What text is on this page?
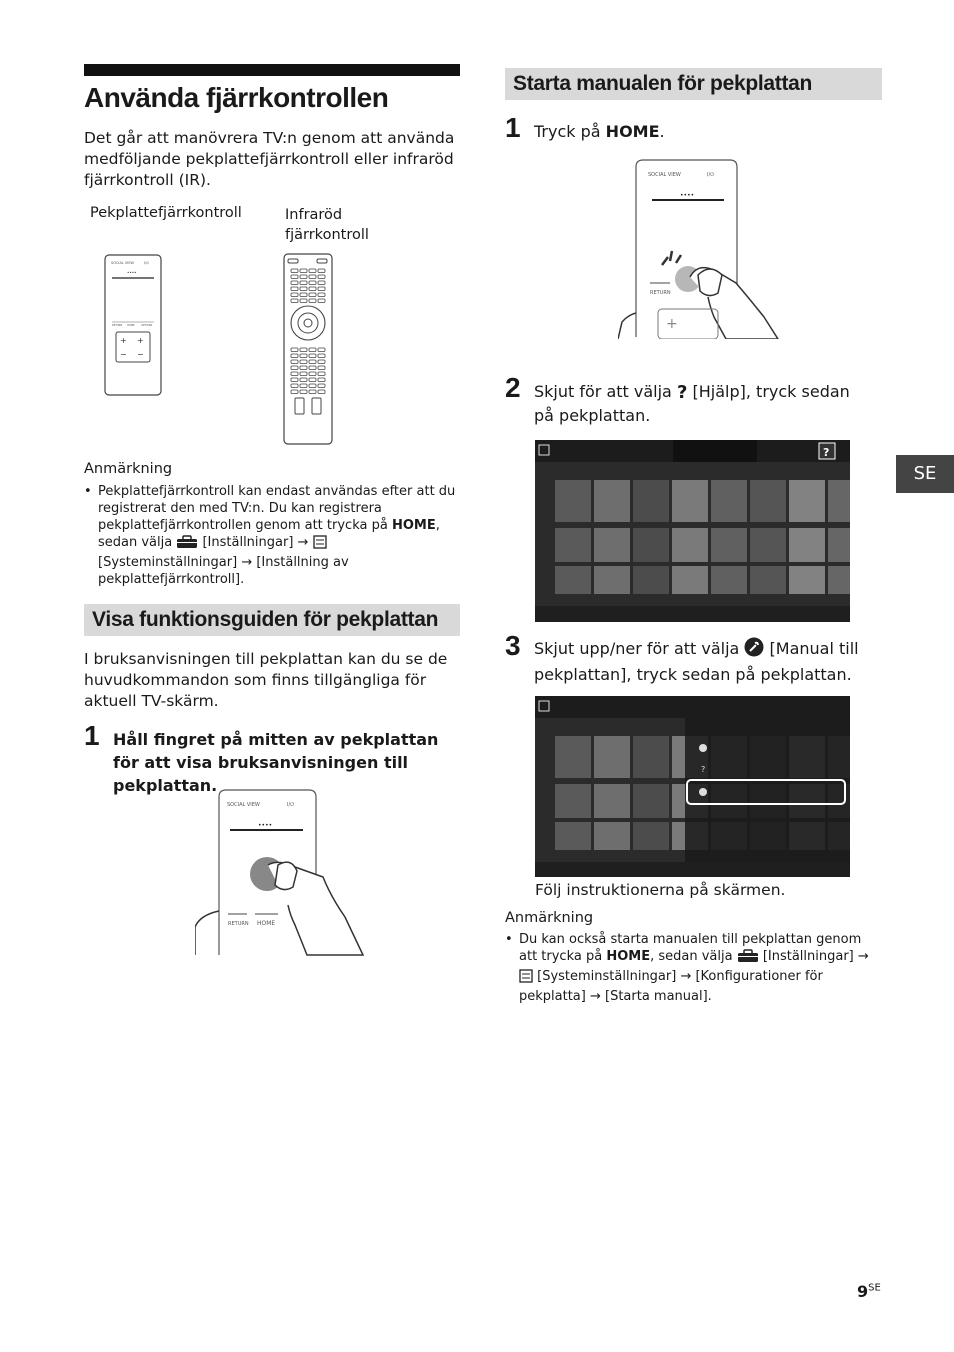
Använda fjärrkontrollen
Det går att manövrera TV:n genom att använda medföljande pekplattefjärrkontroll eller infraröd fjärrkontroll (IR).
Pekplattefjärrkontroll	Infraröd fjärrkontroll
SOCIAL VIEW	I/⏻
••••
RETURN HOME	OPTIONS
+ +
− −
Anmärkning
• Pekplattefjärrkontroll kan endast användas efter att du registrerat den med TV:n. Du kan registrera pekplattefjärrkontrollen genom att trycka på HOME, sedan välja  [Inställningar] →  [Systeminställningar] → [Inställning av pekplattefjärrkontroll].
Visa funktionsguiden för pekplattan
I bruksanvisningen till pekplattan kan du se de huvudkommandon som finns tillgängliga för aktuell TV-skärm.
1 Håll fingret på mitten av pekplattan för att visa bruksanvisningen till pekplattan.
SOCIAL VIEW	I/⏻
••••
RETURN HOME
Starta manualen för pekplattan
1 Tryck på HOME.
SOCIAL VIEW	I/⏻
••••
RETURN
+
2 Skjut för att välja ? [Hjälp], tryck sedan på pekplattan.
?
3 Skjut upp/ner för att välja  [Manual till pekplattan], tryck sedan på pekplattan.
?
Följ instruktionerna på skärmen.
Anmärkning
• Du kan också starta manualen till pekplattan genom att trycka på HOME, sedan välja  [Inställningar] →  [Systeminställningar] → [Konfigurationer för pekplatta] → [Starta manual].
SE
$9^{SE}$
